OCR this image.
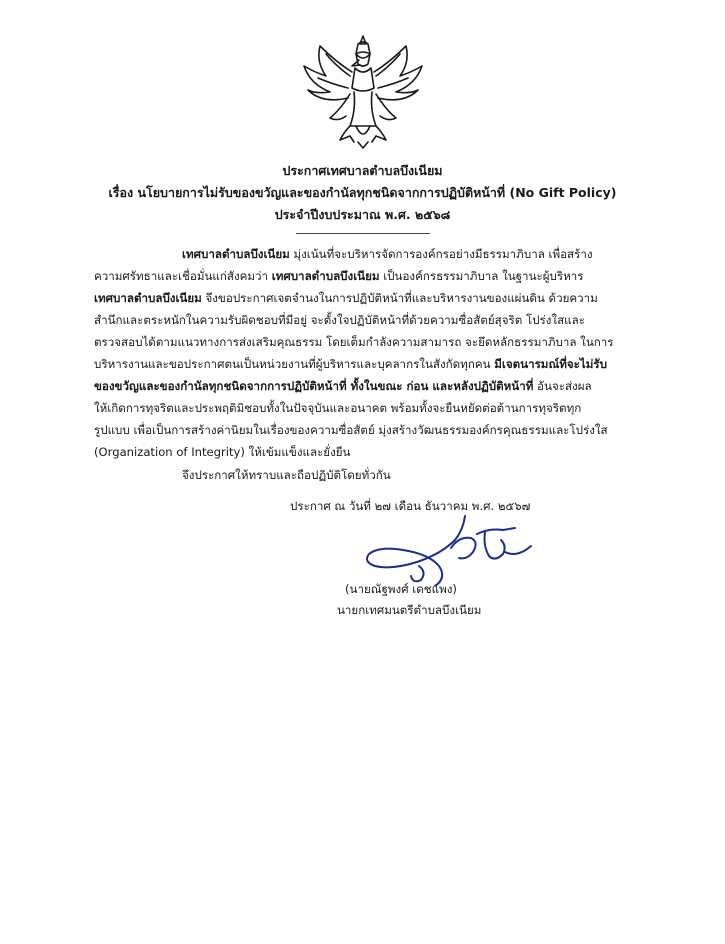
ประกาศเทศบาลตำบลบึงเนียม
เรื่อง นโยบายการไม่รับของขวัญและของกำนัลทุกชนิดจากการปฏิบัติหน้าที่ (No Gift Policy)
ประจำปีงบประมาณ พ.ศ. ๒๕๖๘
เทศบาลตำบลบึงเนียม มุ่งเน้นที่จะบริหารจัดการองค์กรอย่างมีธรรมาภิบาล เพื่อสร้าง
ความศรัทธาและเชื่อมั่นแก่สังคมว่า เทศบาลตำบลบึงเนียม เป็นองค์กรธรรมาภิบาล ในฐานะผู้บริหาร
เทศบาลตำบลบึงเนียม จึงขอประกาศเจตจำนงในการปฏิบัติหน้าที่และบริหารงานของแผ่นดิน ด้วยความ
สำนึกและตระหนักในความรับผิดชอบที่มีอยู่ จะตั้งใจปฏิบัติหน้าที่ด้วยความซื่อสัตย์สุจริต โปร่งใสและ
ตรวจสอบได้ตามแนวทางการส่งเสริมคุณธรรม โดยเต็มกำลังความสามารถ จะยึดหลักธรรมาภิบาล ในการ
บริหารงานและขอประกาศตนเป็นหน่วยงานที่ผู้บริหารและบุคลากรในสังกัดทุกคน มีเจตนารมณ์ที่จะไม่รับ
ของขวัญและของกำนัลทุกชนิดจากการปฏิบัติหน้าที่ ทั้งในขณะ ก่อน และหลังปฏิบัติหน้าที่ อันจะส่งผล
ให้เกิดการทุจริตและประพฤติมิชอบทั้งในปัจจุบันและอนาคต พร้อมทั้งจะยืนหยัดต่อต้านการทุจริตทุก
รูปแบบ เพื่อเป็นการสร้างค่านิยมในเรื่องของความซื่อสัตย์ มุ่งสร้างวัฒนธรรมองค์กรคุณธรรมและโปร่งใส
(Organization of Integrity) ให้เข้มแข็งและยั่งยืน
จึงประกาศให้ทราบและถือปฏิบัติโดยทั่วกัน
ประกาศ ณ วันที่ ๒๗ เดือน ธันวาคม พ.ศ. ๒๕๖๗
(นายณัฐพงศ์ เดชแพง)
นายกเทศมนตรีตำบลบึงเนียม
